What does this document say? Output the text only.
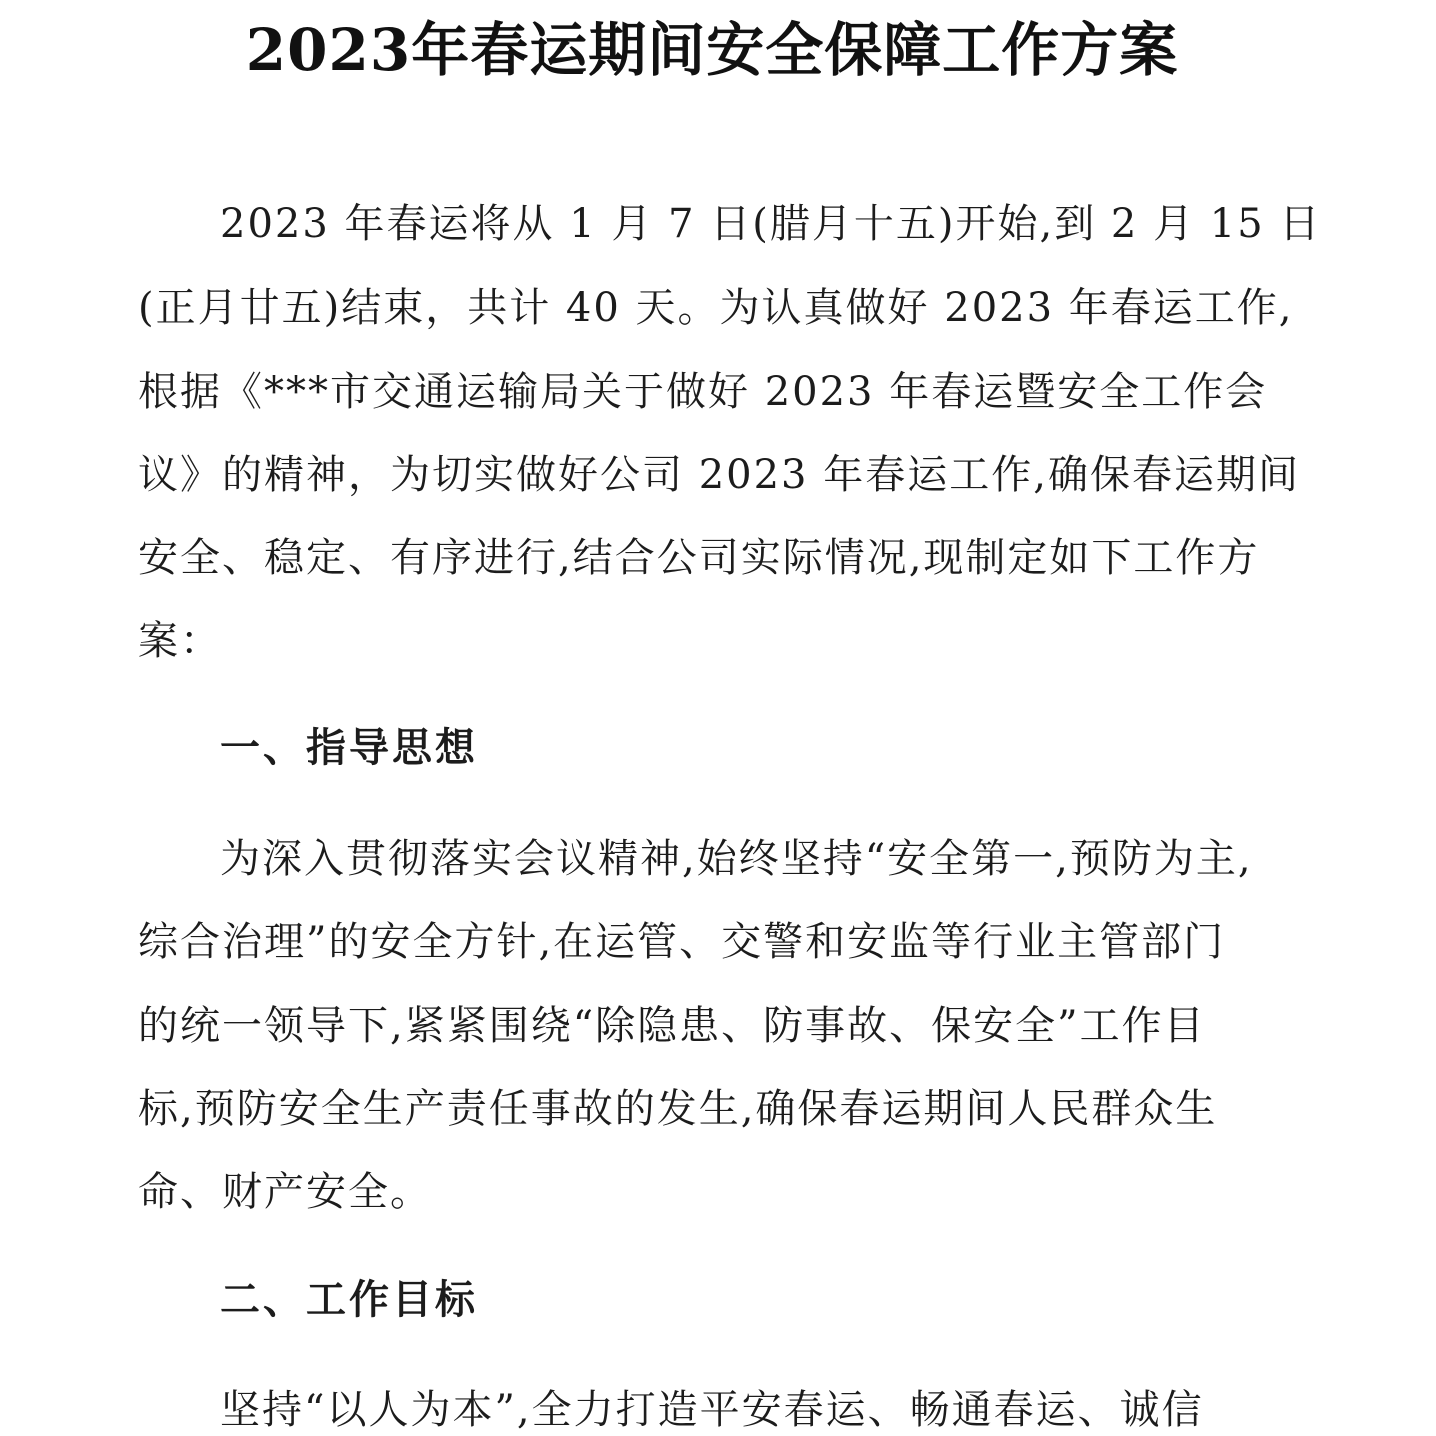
2023年春运期间安全保障工作方案
2023 年春运将从 1 月 7 日(腊月十五)开始,到 2 月 15 日
(正月廿五)结束，共计 40 天。为认真做好 2023 年春运工作,
根据《***市交通运输局关于做好 2023 年春运暨安全工作会
议》的精神，为切实做好公司 2023 年春运工作,确保春运期间
安全、稳定、有序进行,结合公司实际情况,现制定如下工作方
案：
一、指导思想
为深入贯彻落实会议精神,始终坚持“安全第一,预防为主,
综合治理”的安全方针,在运管、交警和安监等行业主管部门
的统一领导下,紧紧围绕“除隐患、防事故、保安全”工作目
标,预防安全生产责任事故的发生,确保春运期间人民群众生
命、财产安全。
二、工作目标
坚持“以人为本”,全力打造平安春运、畅通春运、诚信
